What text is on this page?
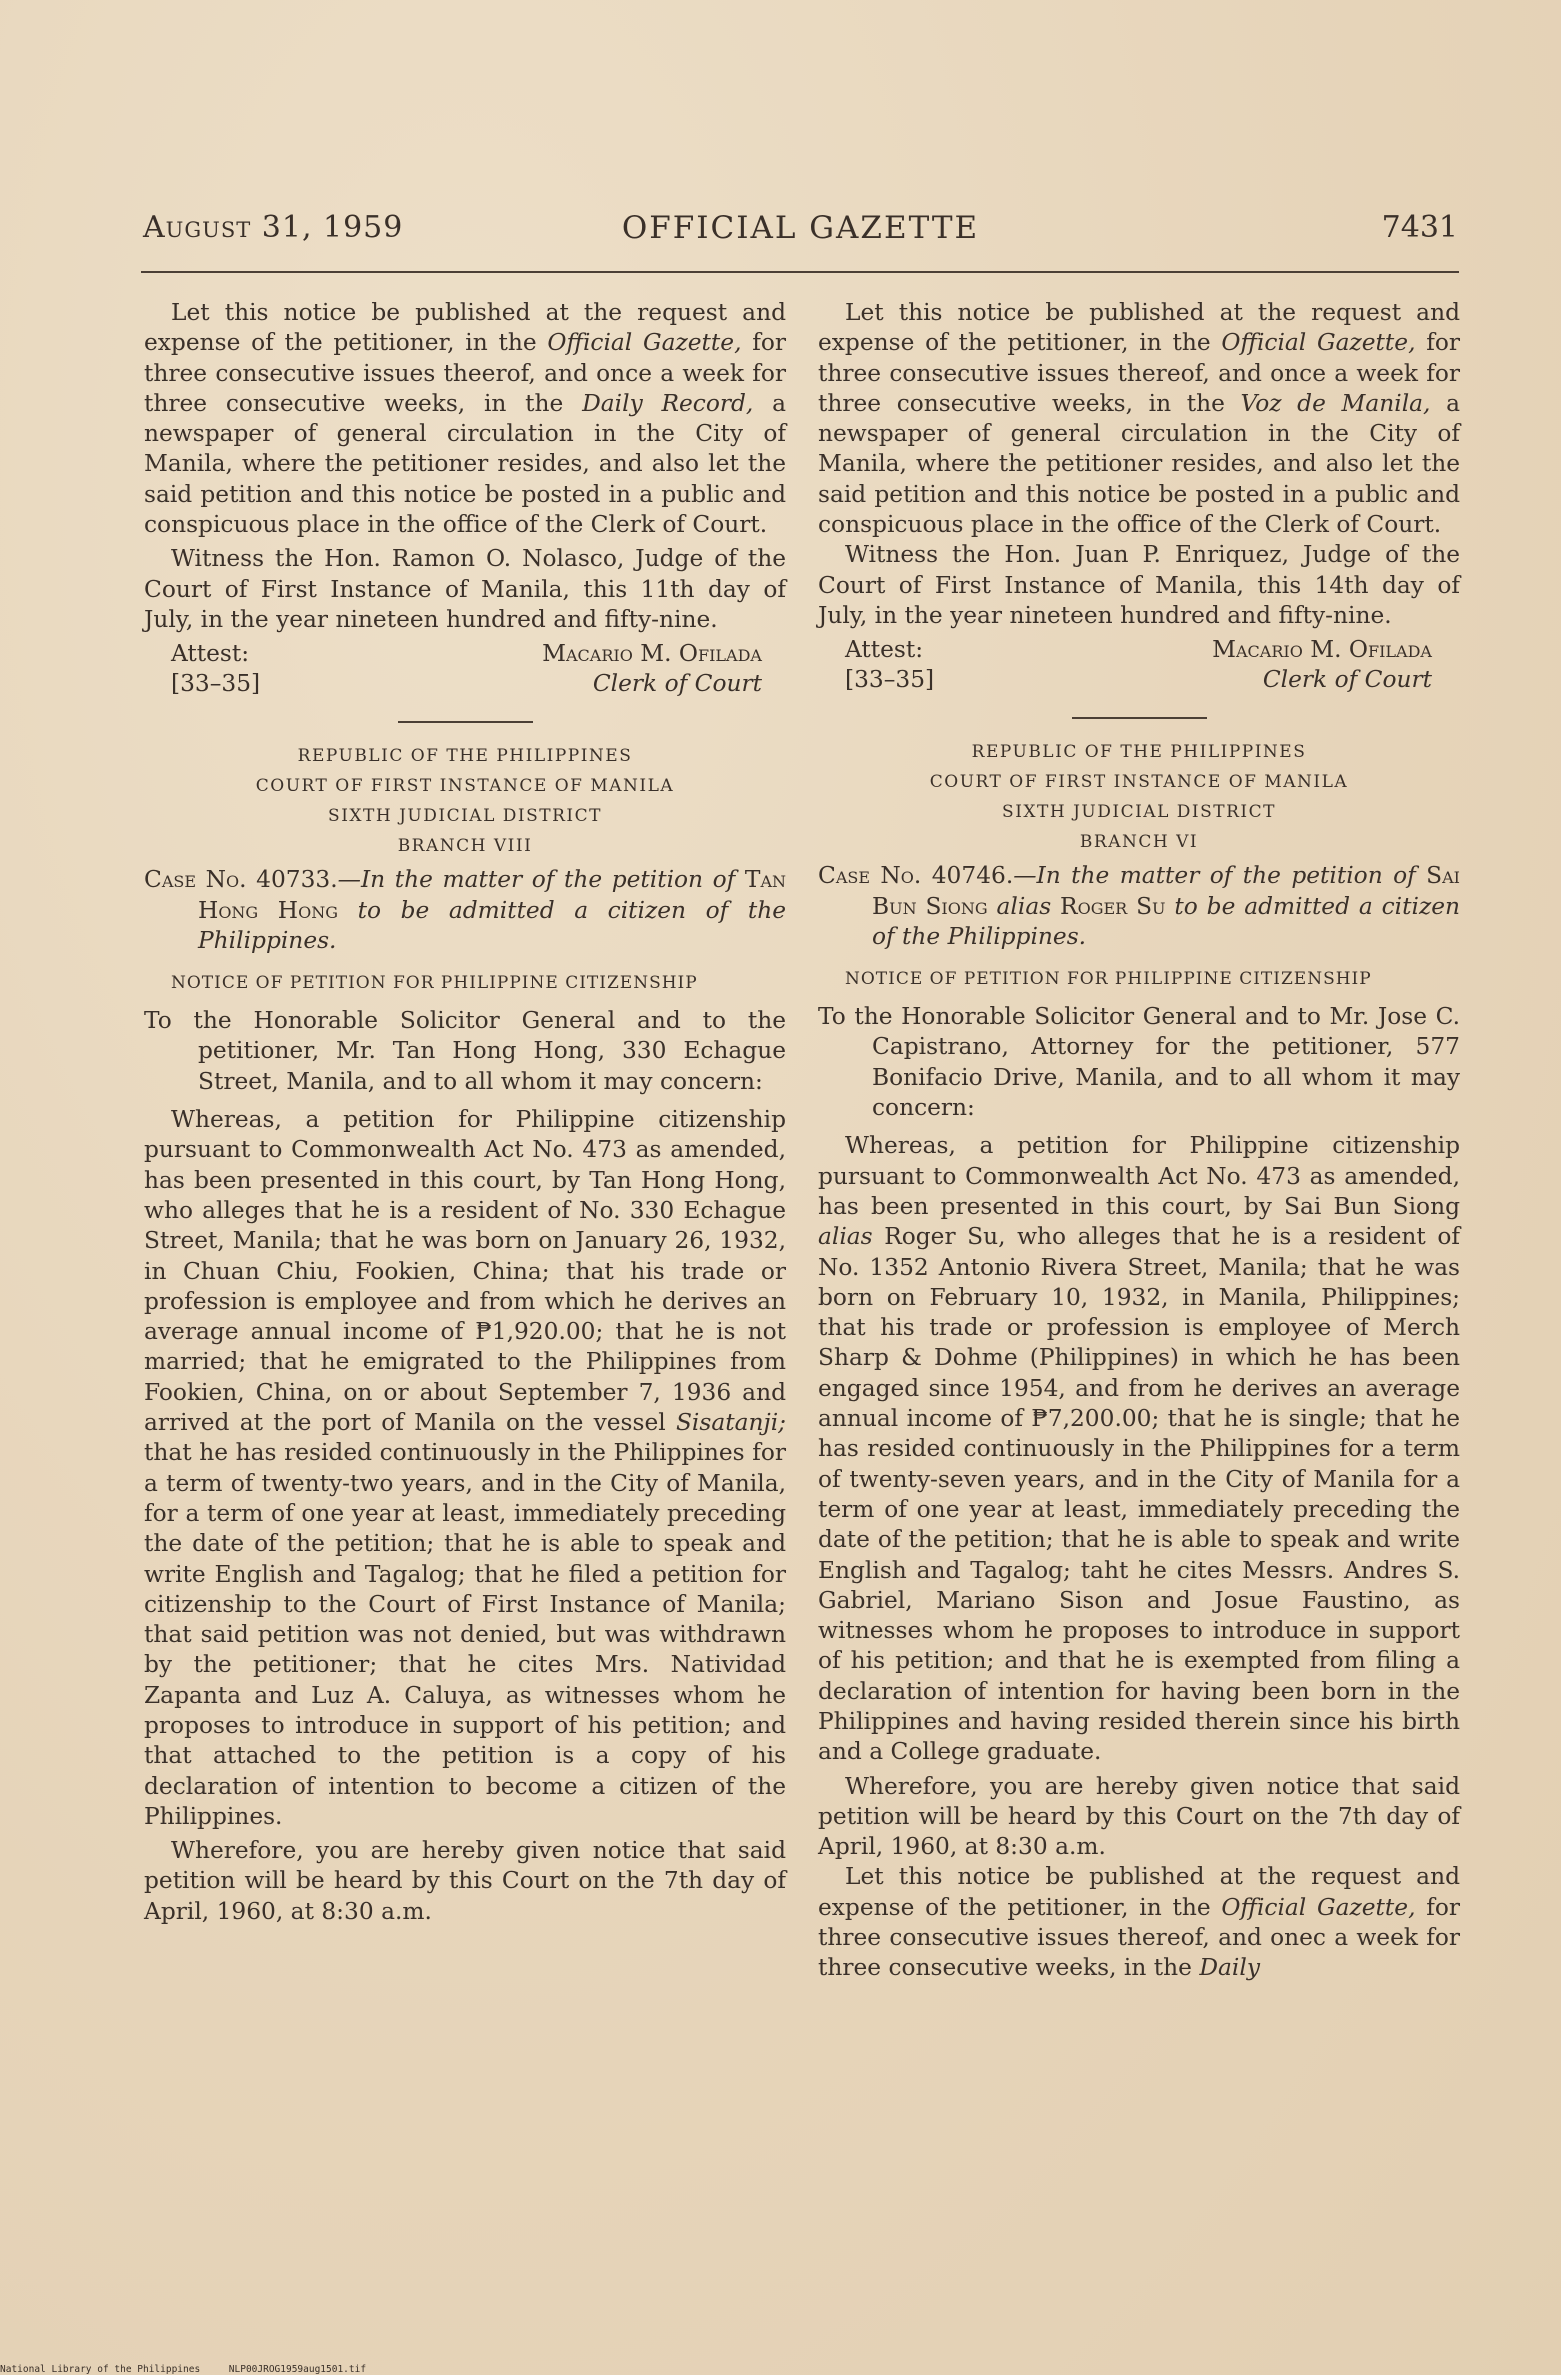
OFFICIAL GAZETTE
August 31, 1959	7431

Let this notice be published at the request and expense of the petitioner, in the Official Gazette, for three consecutive issues theerof, and once a week for three consecutive weeks, in the Daily Record, a newspaper of general circulation in the City of Manila, where the petitioner resides, and also let the said petition and this notice be posted in a public and conspicuous place in the office of the Clerk of Court.

Witness the Hon. Ramon O. Nolasco, Judge of the Court of First Instance of Manila, this 11th day of July, in the year nineteen hundred and fifty-nine.

Attest:
[33–35]
Macario M. Ofilada
Clerk of Court
REPUBLIC OF THE PHILIPPINES
COURT OF FIRST INSTANCE OF MANILA
SIXTH JUDICIAL DISTRICT
BRANCH VIII
Case No. 40733.—In the matter of the petition of Tan Hong Hong to be admitted a citizen of the Philippines.
NOTICE OF PETITION FOR PHILIPPINE CITIZENSHIP
To the Honorable Solicitor General and to the petitioner, Mr. Tan Hong Hong, 330 Echague Street, Manila, and to all whom it may concern:

Whereas, a petition for Philippine citizenship pursuant to Commonwealth Act No. 473 as amended, has been presented in this court, by Tan Hong Hong, who alleges that he is a resident of No. 330 Echague Street, Manila; that he was born on January 26, 1932, in Chuan Chiu, Fookien, China; that his trade or profession is employee and from which he derives an average annual income of ₱1,920.00; that he is not married; that he emigrated to the Philippines from Fookien, China, on or about September 7, 1936 and arrived at the port of Manila on the vessel Sisatanji; that he has resided continuously in the Philippines for a term of twenty-two years, and in the City of Manila, for a term of one year at least, immediately preceding the date of the petition; that he is able to speak and write English and Tagalog; that he filed a petition for citizenship to the Court of First Instance of Manila; that said petition was not denied, but was withdrawn by the petitioner; that he cites Mrs. Natividad Zapanta and Luz A. Caluya, as witnesses whom he proposes to introduce in support of his petition; and that attached to the petition is a copy of his declaration of intention to become a citizen of the Philippines.

Wherefore, you are hereby given notice that said petition will be heard by this Court on the 7th day of April, 1960, at 8:30 a.m.

Let this notice be published at the request and expense of the petitioner, in the Official Gazette, for three consecutive issues thereof, and once a week for three consecutive weeks, in the Voz de Manila, a newspaper of general circulation in the City of Manila, where the petitioner resides, and also let the said petition and this notice be posted in a public and conspicuous place in the office of the Clerk of Court.

Witness the Hon. Juan P. Enriquez, Judge of the Court of First Instance of Manila, this 14th day of July, in the year nineteen hundred and fifty-nine.

Attest:
[33–35]
Macario M. Ofilada
Clerk of Court
REPUBLIC OF THE PHILIPPINES
COURT OF FIRST INSTANCE OF MANILA
SIXTH JUDICIAL DISTRICT
BRANCH VI
Case No. 40746.—In the matter of the petition of Sai Bun Siong alias Roger Su to be admitted a citizen of the Philippines.
NOTICE OF PETITION FOR PHILIPPINE CITIZENSHIP
To the Honorable Solicitor General and to Mr. Jose C. Capistrano, Attorney for the petitioner, 577 Bonifacio Drive, Manila, and to all whom it may concern:

Whereas, a petition for Philippine citizenship pursuant to Commonwealth Act No. 473 as amended, has been presented in this court, by Sai Bun Siong alias Roger Su, who alleges that he is a resident of No. 1352 Antonio Rivera Street, Manila; that he was born on February 10, 1932, in Manila, Philippines; that his trade or profession is employee of Merch Sharp & Dohme (Philippines) in which he has been engaged since 1954, and from he derives an average annual income of ₱7,200.00; that he is single; that he has resided continuously in the Philippines for a term of twenty-seven years, and in the City of Manila for a term of one year at least, immediately preceding the date of the petition; that he is able to speak and write English and Tagalog; taht he cites Messrs. Andres S. Gabriel, Mariano Sison and Josue Faustino, as witnesses whom he proposes to introduce in support of his petition; and that he is exempted from filing a declaration of intention for having been born in the Philippines and having resided therein since his birth and a College graduate.

Wherefore, you are hereby given notice that said petition will be heard by this Court on the 7th day of April, 1960, at 8:30 a.m.

Let this notice be published at the request and expense of the petitioner, in the Official Gazette, for three consecutive issues thereof, and onec a week for three consecutive weeks, in the Daily

National Library of the Philippines     NLP00JROG1959aug1501.tif
